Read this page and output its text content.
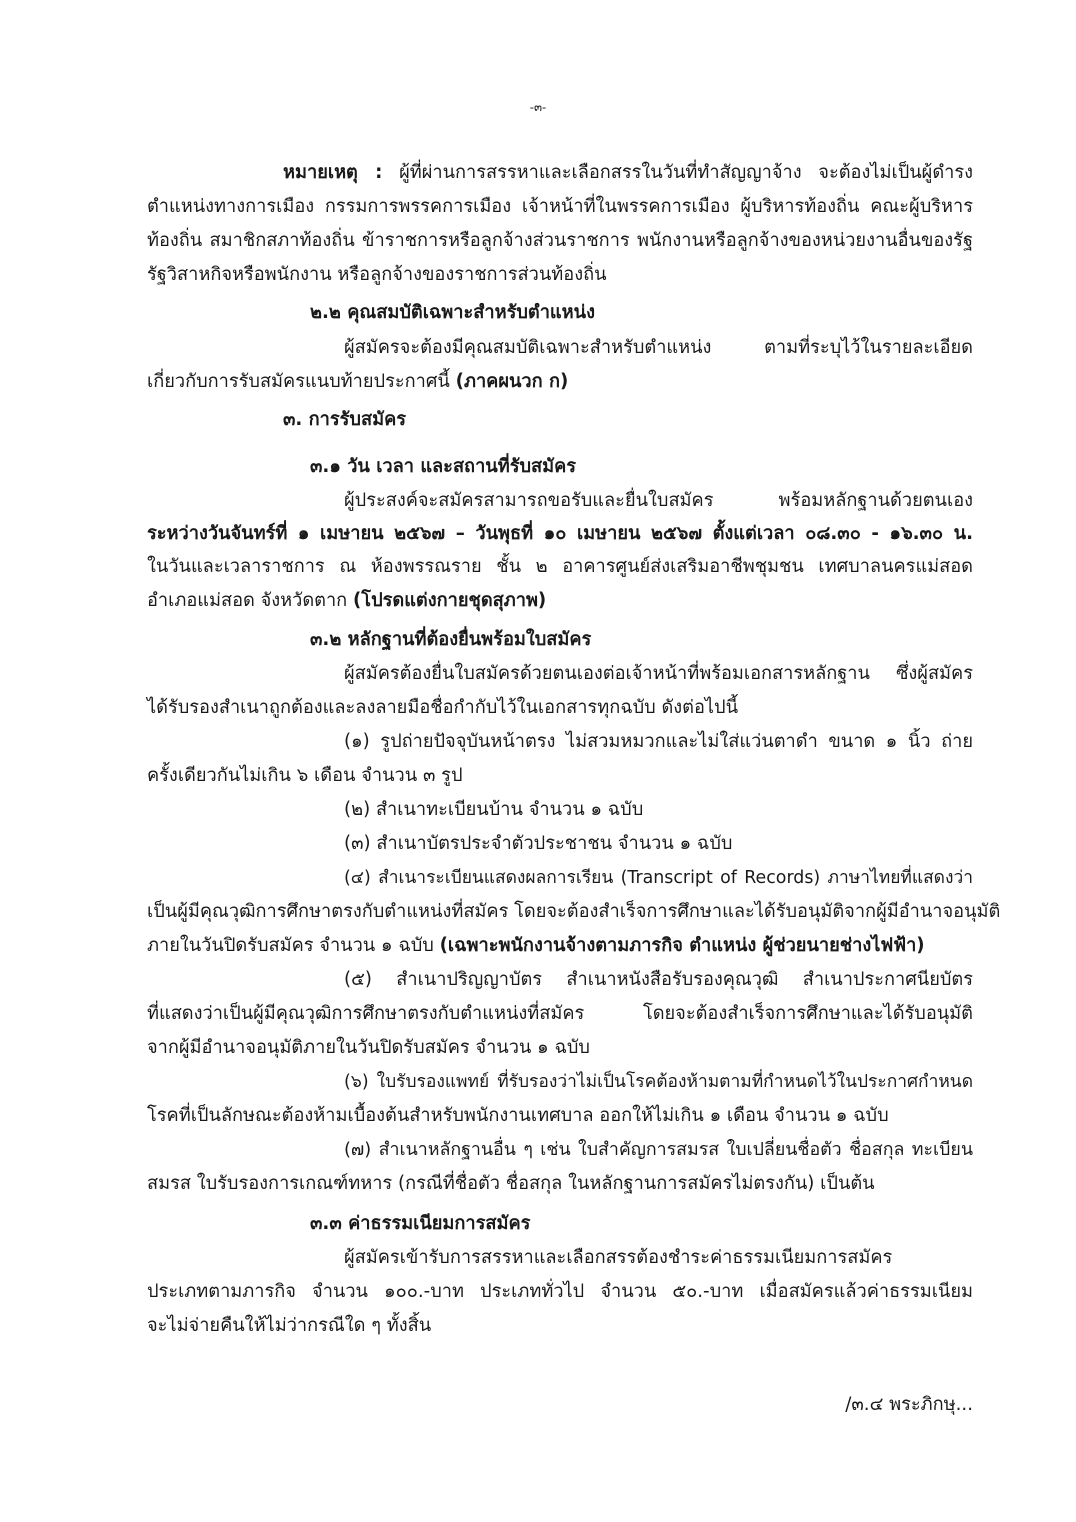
-๓-

หมายเหตุ : ผู้ที่ผ่านการสรรหาและเลือกสรรในวันที่ทำสัญญาจ้าง จะต้องไม่เป็นผู้ดำรง

ตำแหน่งทางการเมือง กรรมการพรรคการเมือง เจ้าหน้าที่ในพรรคการเมือง ผู้บริหารท้องถิ่น คณะผู้บริหาร

ท้องถิ่น สมาชิกสภาท้องถิ่น ข้าราชการหรือลูกจ้างส่วนราชการ พนักงานหรือลูกจ้างของหน่วยงานอื่นของรัฐ

รัฐวิสาหกิจหรือพนักงาน หรือลูกจ้างของราชการส่วนท้องถิ่น

๒.๒ คุณสมบัติเฉพาะสำหรับตำแหน่ง

ผู้สมัครจะต้องมีคุณสมบัติเฉพาะสำหรับตำแหน่ง ตามที่ระบุไว้ในรายละเอียด

เกี่ยวกับการรับสมัครแนบท้ายประกาศนี้ (ภาคผนวก ก)

๓. การรับสมัคร

๓.๑ วัน เวลา และสถานที่รับสมัคร

ผู้ประสงค์จะสมัครสามารถขอรับและยื่นใบสมัคร พร้อมหลักฐานด้วยตนเอง

ระหว่างวันจันทร์ที่ ๑ เมษายน ๒๕๖๗ – วันพุธที่ ๑๐ เมษายน ๒๕๖๗ ตั้งแต่เวลา ๐๘.๓๐ - ๑๖.๓๐ น.

ในวันและเวลาราชการ ณ ห้องพรรณราย ชั้น ๒ อาคารศูนย์ส่งเสริมอาชีพชุมชน เทศบาลนครแม่สอด

อำเภอแม่สอด จังหวัดตาก (โปรดแต่งกายชุดสุภาพ)

๓.๒ หลักฐานที่ต้องยื่นพร้อมใบสมัคร

ผู้สมัครต้องยื่นใบสมัครด้วยตนเองต่อเจ้าหน้าที่พร้อมเอกสารหลักฐาน ซึ่งผู้สมัคร

ได้รับรองสำเนาถูกต้องและลงลายมือชื่อกำกับไว้ในเอกสารทุกฉบับ ดังต่อไปนี้

(๑) รูปถ่ายปัจจุบันหน้าตรง ไม่สวมหมวกและไม่ใส่แว่นตาดำ ขนาด ๑ นิ้ว ถ่าย

ครั้งเดียวกันไม่เกิน ๖ เดือน จำนวน ๓ รูป

(๒) สำเนาทะเบียนบ้าน จำนวน ๑ ฉบับ

(๓) สำเนาบัตรประจำตัวประชาชน จำนวน ๑ ฉบับ

(๔) สำเนาระเบียนแสดงผลการเรียน (Transcript of Records) ภาษาไทยที่แสดงว่า

เป็นผู้มีคุณวุฒิการศึกษาตรงกับตำแหน่งที่สมัคร โดยจะต้องสำเร็จการศึกษาและได้รับอนุมัติจากผู้มีอำนาจอนุมัติ

ภายในวันปิดรับสมัคร จำนวน ๑ ฉบับ (เฉพาะพนักงานจ้างตามภารกิจ ตำแหน่ง ผู้ช่วยนายช่างไฟฟ้า)

(๕) สำเนาปริญญาบัตร สำเนาหนังสือรับรองคุณวุฒิ สำเนาประกาศนียบัตร

ที่แสดงว่าเป็นผู้มีคุณวุฒิการศึกษาตรงกับตำแหน่งที่สมัคร โดยจะต้องสำเร็จการศึกษาและได้รับอนุมัติ

จากผู้มีอำนาจอนุมัติภายในวันปิดรับสมัคร จำนวน ๑ ฉบับ

(๖) ใบรับรองแพทย์ ที่รับรองว่าไม่เป็นโรคต้องห้ามตามที่กำหนดไว้ในประกาศกำหนด

โรคที่เป็นลักษณะต้องห้ามเบื้องต้นสำหรับพนักงานเทศบาล ออกให้ไม่เกิน ๑ เดือน จำนวน ๑ ฉบับ

(๗) สำเนาหลักฐานอื่น ๆ เช่น ใบสำคัญการสมรส ใบเปลี่ยนชื่อตัว ชื่อสกุล ทะเบียน

สมรส ใบรับรองการเกณฑ์ทหาร (กรณีที่ชื่อตัว ชื่อสกุล ในหลักฐานการสมัครไม่ตรงกัน) เป็นต้น

๓.๓ ค่าธรรมเนียมการสมัคร

ผู้สมัครเข้ารับการสรรหาและเลือกสรรต้องชำระค่าธรรมเนียมการสมัคร

ประเภทตามภารกิจ จำนวน ๑๐๐.-บาท ประเภททั่วไป จำนวน ๕๐.-บาท เมื่อสมัครแล้วค่าธรรมเนียม

จะไม่จ่ายคืนให้ไม่ว่ากรณีใด ๆ ทั้งสิ้น

/๓.๔ พระภิกษุ...
